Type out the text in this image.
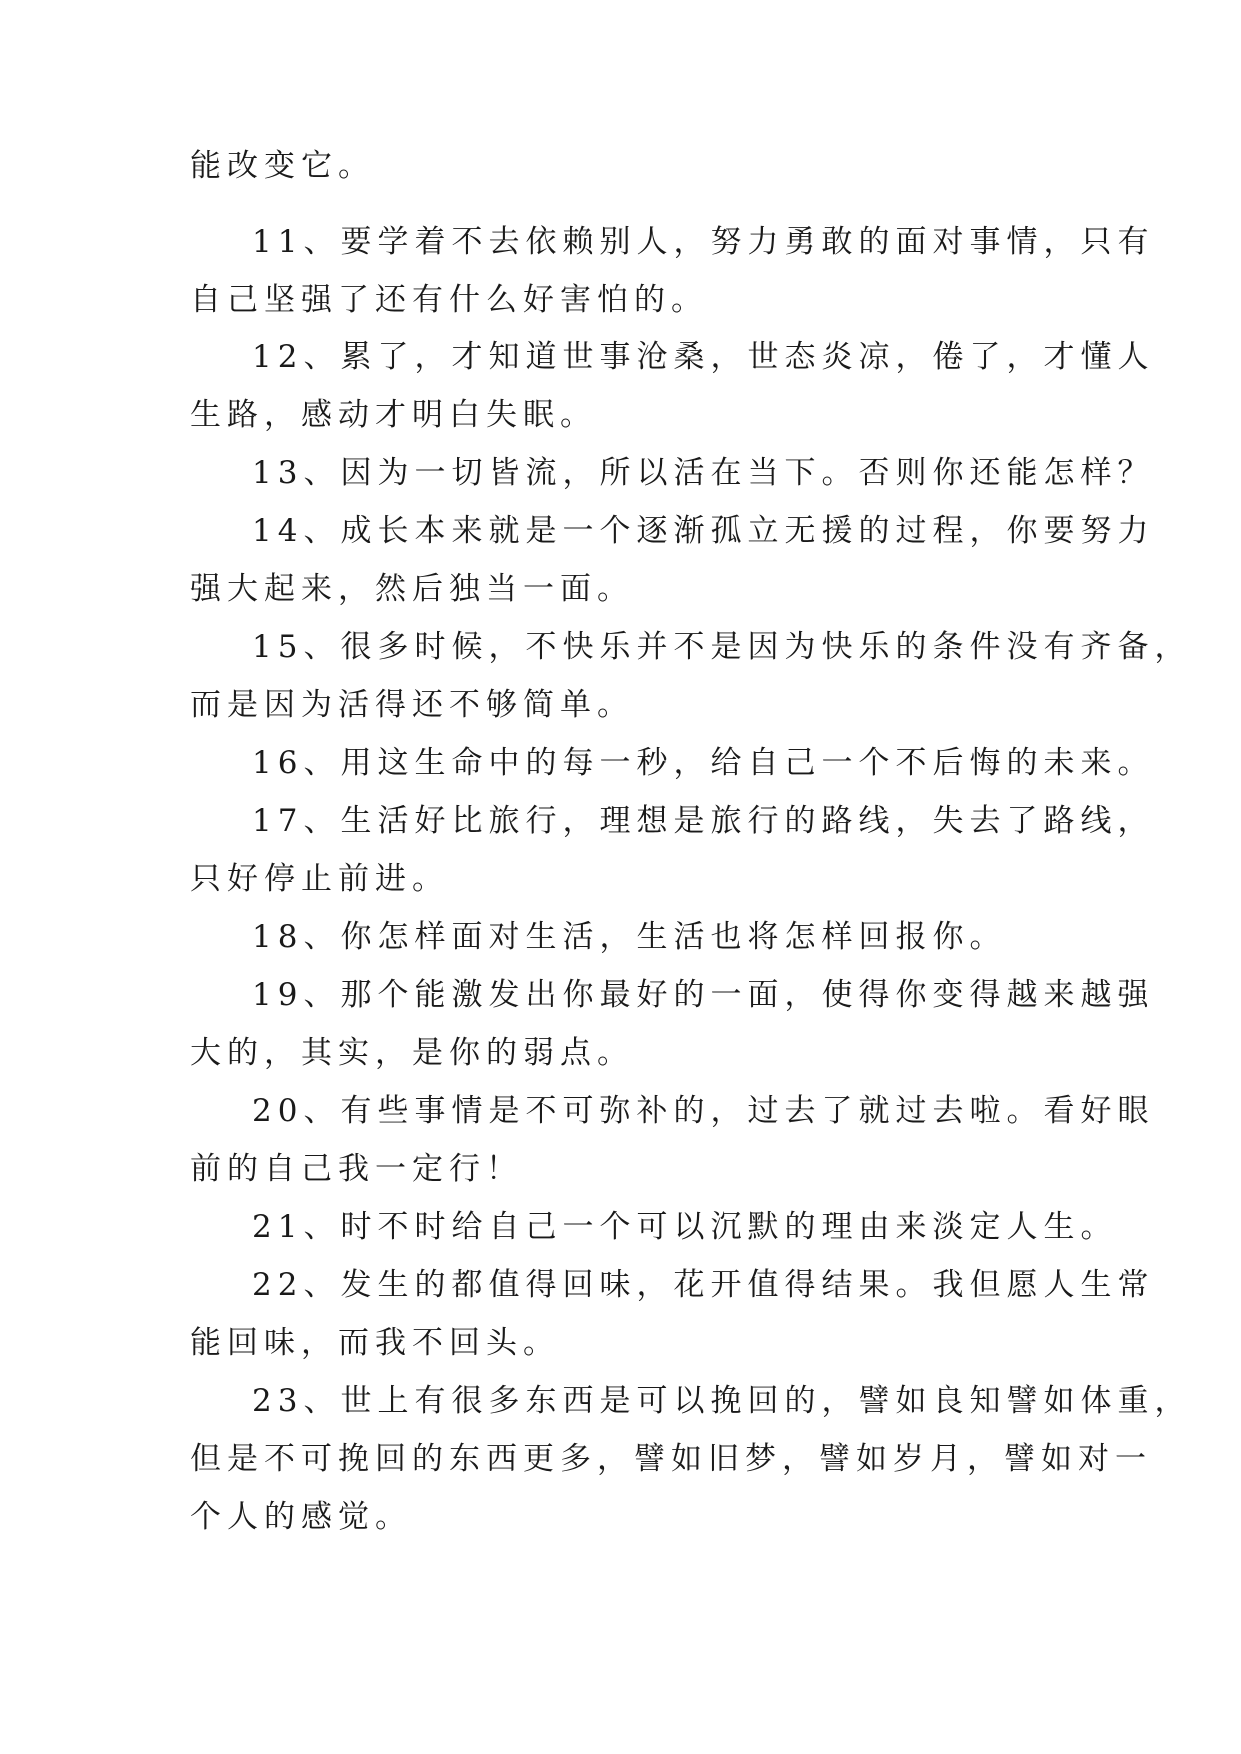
能改变它。
11、要学着不去依赖别人，努力勇敢的面对事情，只有
自己坚强了还有什么好害怕的。
12、累了，才知道世事沧桑，世态炎凉，倦了，才懂人
生路，感动才明白失眠。
13、因为一切皆流，所以活在当下。否则你还能怎样？
14、成长本来就是一个逐渐孤立无援的过程，你要努力
强大起来，然后独当一面。
15、很多时候，不快乐并不是因为快乐的条件没有齐备，
而是因为活得还不够简单。
16、用这生命中的每一秒，给自己一个不后悔的未来。
17、生活好比旅行，理想是旅行的路线，失去了路线，
只好停止前进。
18、你怎样面对生活，生活也将怎样回报你。
19、那个能激发出你最好的一面，使得你变得越来越强
大的，其实，是你的弱点。
20、有些事情是不可弥补的，过去了就过去啦。看好眼
前的自己我一定行！
21、时不时给自己一个可以沉默的理由来淡定人生。
22、发生的都值得回味，花开值得结果。我但愿人生常
能回味，而我不回头。
23、世上有很多东西是可以挽回的，譬如良知譬如体重，
但是不可挽回的东西更多，譬如旧梦，譬如岁月，譬如对一
个人的感觉。
